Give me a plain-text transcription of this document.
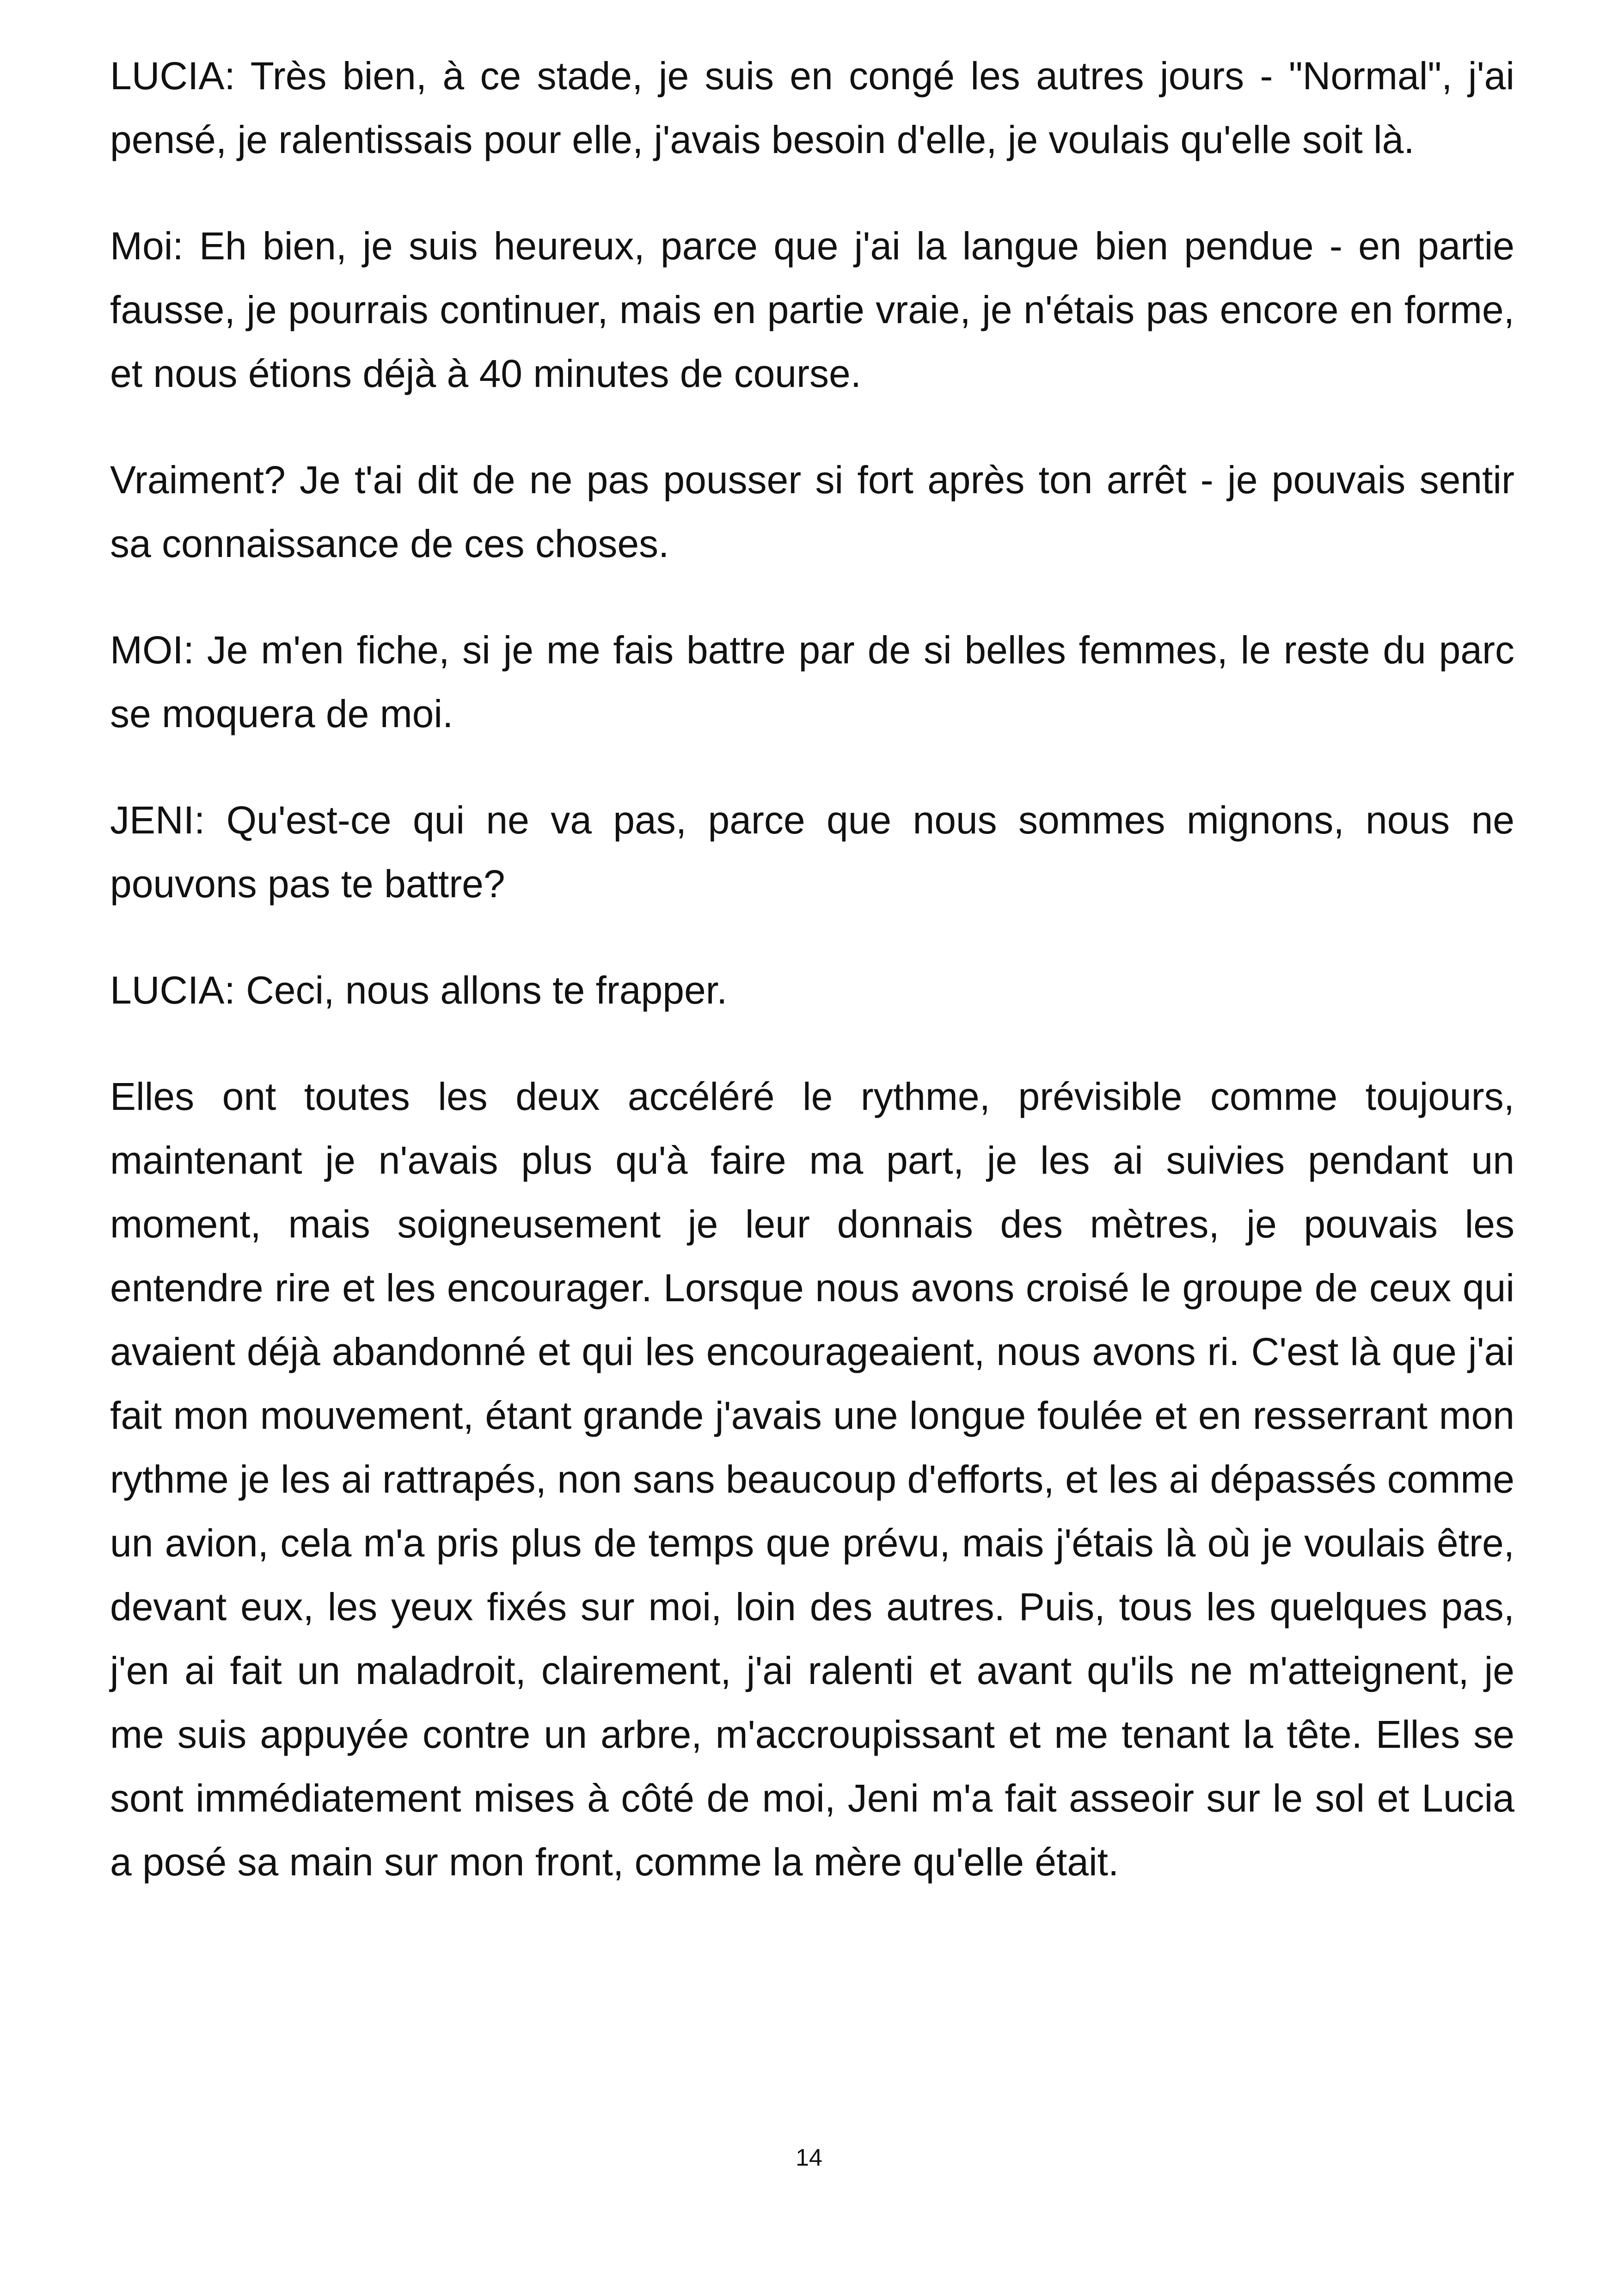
LUCIA: Très bien, à ce stade, je suis en congé les autres jours - "Normal", j'ai pensé, je ralentissais pour elle, j'avais besoin d'elle, je voulais qu'elle soit là.

Moi: Eh bien, je suis heureux, parce que j'ai la langue bien pendue - en partie fausse, je pourrais continuer, mais en partie vraie, je n'étais pas encore en forme, et nous étions déjà à 40 minutes de course.

Vraiment? Je t'ai dit de ne pas pousser si fort après ton arrêt - je pouvais sentir sa connaissance de ces choses.

MOI: Je m'en fiche, si je me fais battre par de si belles femmes, le reste du parc se moquera de moi.

JENI: Qu'est-ce qui ne va pas, parce que nous sommes mignons, nous ne pouvons pas te battre?

LUCIA: Ceci, nous allons te frapper.

Elles ont toutes les deux accéléré le rythme, prévisible comme toujours, maintenant je n'avais plus qu'à faire ma part, je les ai suivies pendant un moment, mais soigneusement je leur donnais des mètres, je pouvais les entendre rire et les encourager. Lorsque nous avons croisé le groupe de ceux qui avaient déjà abandonné et qui les encourageaient, nous avons ri. C'est là que j'ai fait mon mouvement, étant grande j'avais une longue foulée et en resserrant mon rythme je les ai rattrapés, non sans beaucoup d'efforts, et les ai dépassés comme un avion, cela m'a pris plus de temps que prévu, mais j'étais là où je voulais être, devant eux, les yeux fixés sur moi, loin des autres. Puis, tous les quelques pas, j'en ai fait un maladroit, clairement, j'ai ralenti et avant qu'ils ne m'atteignent, je me suis appuyée contre un arbre, m'accroupissant et me tenant la tête. Elles se sont immédiatement mises à côté de moi, Jeni m'a fait asseoir sur le sol et Lucia a posé sa main sur mon front, comme la mère qu'elle était.

14
